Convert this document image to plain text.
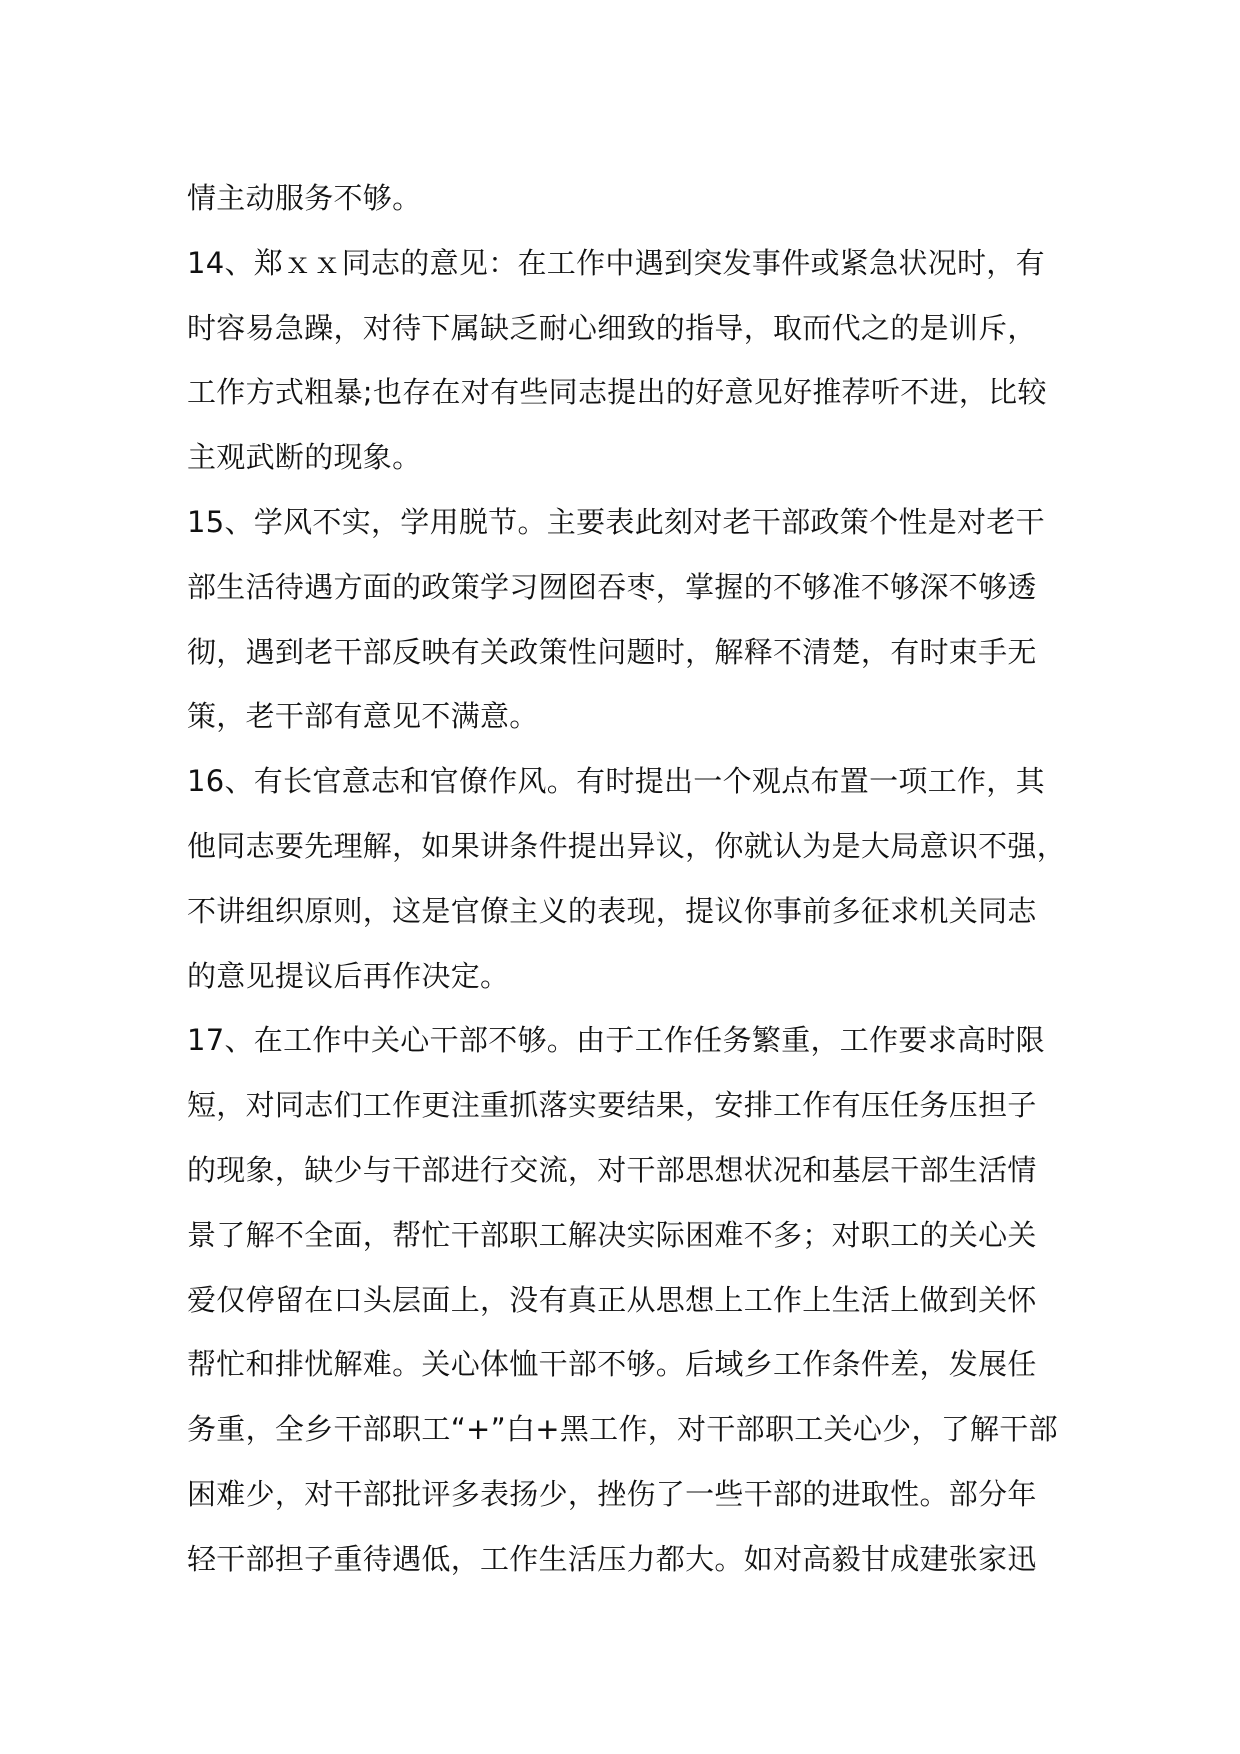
情主动服务不够。
14、郑ｘｘ同志的意见：在工作中遇到突发事件或紧急状况时，有
时容易急躁，对待下属缺乏耐心细致的指导，取而代之的是训斥，
工作方式粗暴;也存在对有些同志提出的好意见好推荐听不进，比较
主观武断的现象。
15、学风不实，学用脱节。主要表此刻对老干部政策个性是对老干
部生活待遇方面的政策学习囫囵吞枣，掌握的不够准不够深不够透
彻，遇到老干部反映有关政策性问题时，解释不清楚，有时束手无
策，老干部有意见不满意。
16、有长官意志和官僚作风。有时提出一个观点布置一项工作，其
他同志要先理解，如果讲条件提出异议，你就认为是大局意识不强，
不讲组织原则，这是官僚主义的表现，提议你事前多征求机关同志
的意见提议后再作决定。
17、在工作中关心干部不够。由于工作任务繁重，工作要求高时限
短，对同志们工作更注重抓落实要结果，安排工作有压任务压担子
的现象，缺少与干部进行交流，对干部思想状况和基层干部生活情
景了解不全面，帮忙干部职工解决实际困难不多；对职工的关心关
爱仅停留在口头层面上，没有真正从思想上工作上生活上做到关怀
帮忙和排忧解难。关心体恤干部不够。后域乡工作条件差，发展任
务重，全乡干部职工“+”白+黑工作，对干部职工关心少，了解干部
困难少，对干部批评多表扬少，挫伤了一些干部的进取性。部分年
轻干部担子重待遇低，工作生活压力都大。如对高毅甘成建张家迅
